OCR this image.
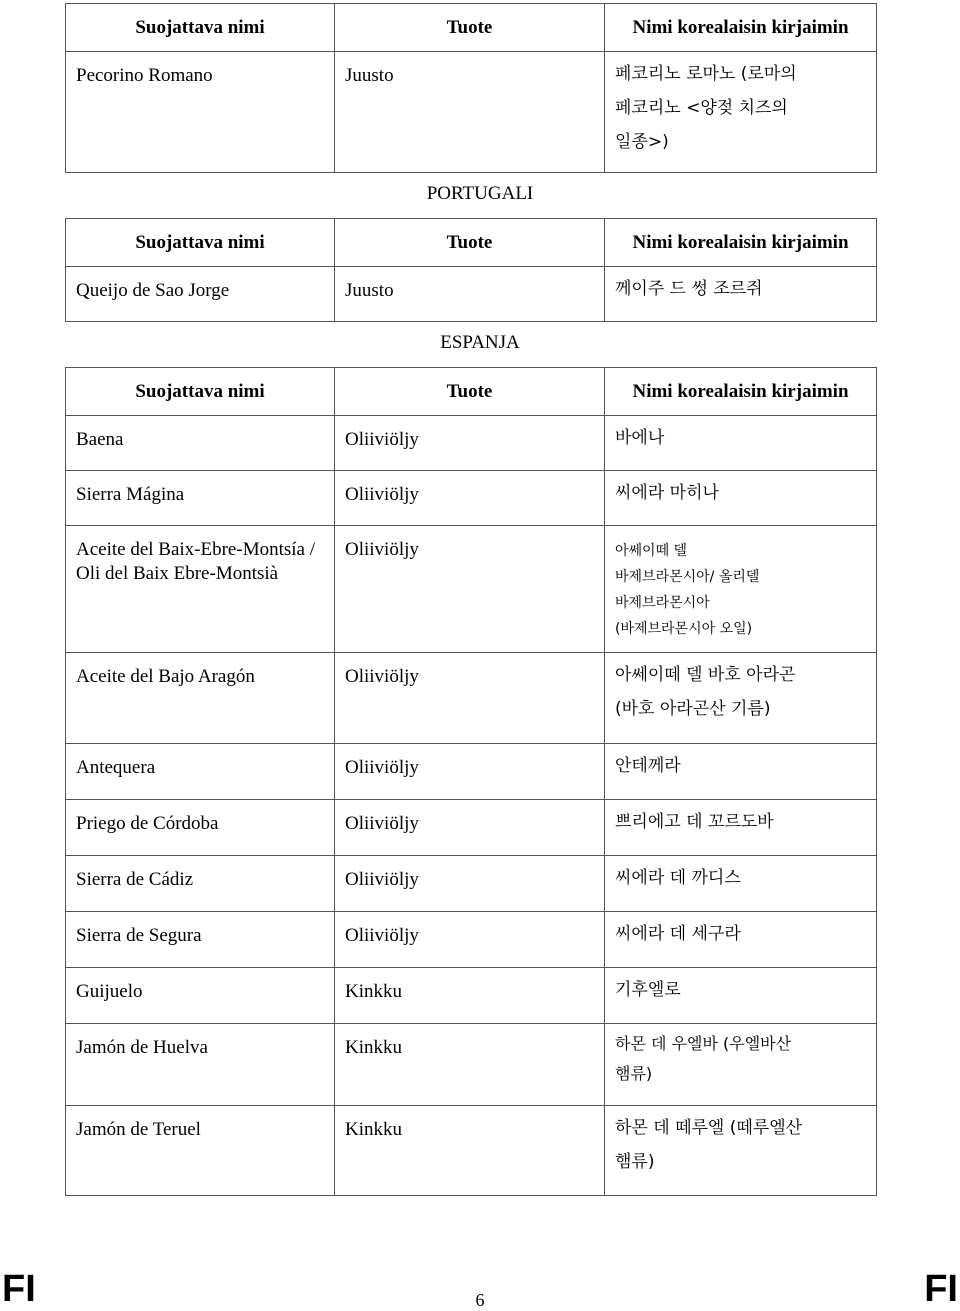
Suojattava nimi	Tuote	Nimi korealaisin kirjaimin
Pecorino Romano	Juusto	페코리노 로마노 (로마의
페코리노 <양젖 치즈의
일종>)
PORTUGALI
Suojattava nimi	Tuote	Nimi korealaisin kirjaimin
Queijo de Sao Jorge	Juusto	께이주 드 썽 조르쥐
ESPANJA
Suojattava nimi	Tuote	Nimi korealaisin kirjaimin
Baena	Oliiviöljy	바에나
Sierra Mágina	Oliiviöljy	씨에라 마히나
Aceite del Baix-Ebre-Montsía /
Oli del Baix Ebre-Montsià	Oliiviöljy	아쎄이떼 델
바제브라몬시아/ 올리델
바제브라몬시아
(바제브라몬시아 오일)
Aceite del Bajo Aragón	Oliiviöljy	아쎄이떼 델 바호 아라곤
(바호 아라곤산 기름)
Antequera	Oliiviöljy	안테께라
Priego de Córdoba	Oliiviöljy	쁘리에고 데 꼬르도바
Sierra de Cádiz	Oliiviöljy	씨에라 데 까디스
Sierra de Segura	Oliiviöljy	씨에라 데 세구라
Guijuelo	Kinkku	기후엘로
Jamón de Huelva	Kinkku	하몬 데 우엘바 (우엘바산
햄류)
Jamón de Teruel	Kinkku	하몬 데 떼루엘 (떼루엘산
햄류)
FI	6	FI
